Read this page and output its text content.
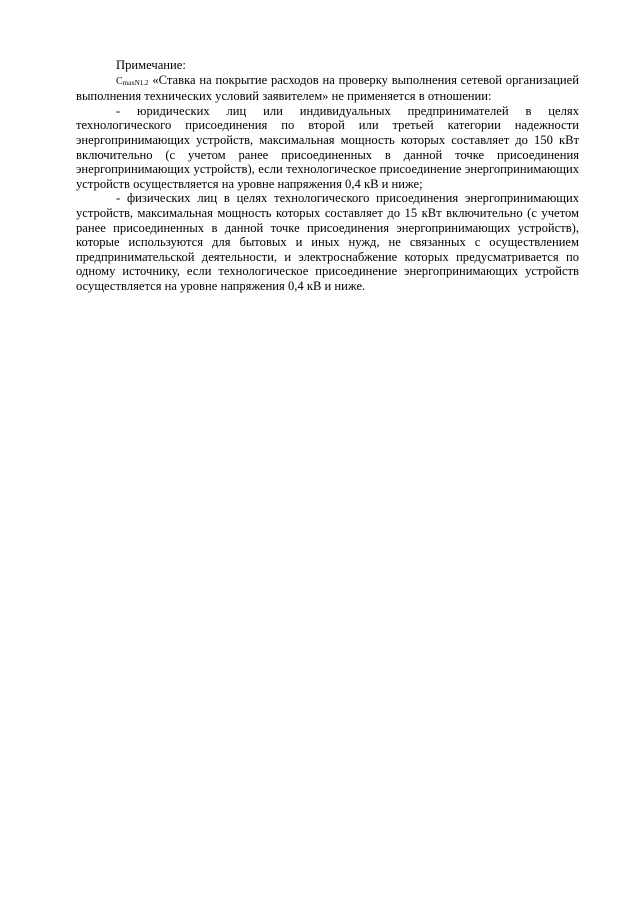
Примечание:

$С_{maxN1.2}$ «Ставка на покрытие расходов на проверку выполнения сетевой организацией выполнения технических условий заявителем» не применяется в отношении:

- юридических лиц или индивидуальных предпринимателей в целях технологического присоединения по второй или третьей категории надежности энергопринимающих устройств, максимальная мощность которых составляет до 150 кВт включительно (с учетом ранее присоединенных в данной точке присоединения энергопринимающих устройств), если технологическое присоединение энергопринимающих устройств осуществляется на уровне напряжения 0,4 кВ и ниже;

- физических лиц в целях технологического присоединения энергопринимающих устройств, максимальная мощность которых составляет до 15 кВт включительно (с учетом ранее присоединенных в данной точке присоединения энергопринимающих устройств), которые используются для бытовых и иных нужд, не связанных с осуществлением предпринимательской деятельности, и электроснабжение которых предусматривается по одному источнику, если технологическое присоединение энергопринимающих устройств осуществляется на уровне напряжения 0,4 кВ и ниже.
